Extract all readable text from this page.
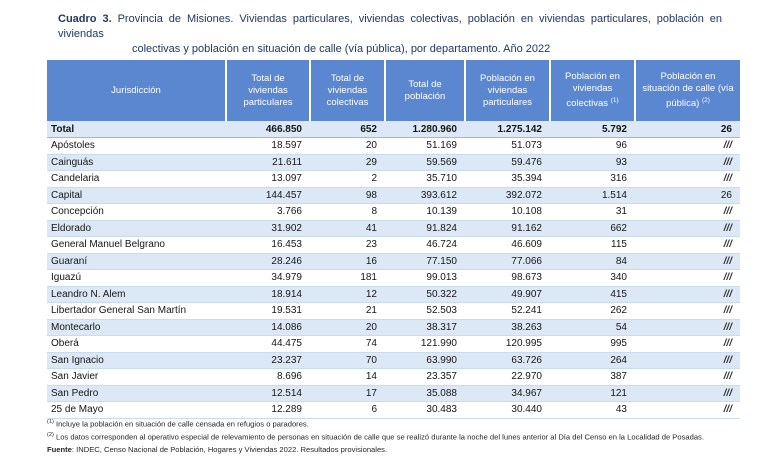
Cuadro 3. Provincia de Misiones. Viviendas particulares, viviendas colectivas, población en viviendas particulares, población en viviendas
colectivas y población en situación de calle (vía pública), por departamento. Año 2022
Jurisdicción	Total de viviendas particulares	Total de viviendas colectivas	Total de población	Población en viviendas particulares	Población en viviendas colectivas $^{(1)}$	Población en situación de calle (vía pública) $^{(2)}$
Total	466.850	652	1.280.960	1.275.142	5.792	26
Apóstoles	18.597	20	51.169	51.073	96	///
Cainguás	21.611	29	59.569	59.476	93	///
Candelaria	13.097	2	35.710	35.394	316	///
Capital	144.457	98	393.612	392.072	1.514	26
Concepción	3.766	8	10.139	10.108	31	///
Eldorado	31.902	41	91.824	91.162	662	///
General Manuel Belgrano	16.453	23	46.724	46.609	115	///
Guaraní	28.246	16	77.150	77.066	84	///
Iguazú	34.979	181	99.013	98.673	340	///
Leandro N. Alem	18.914	12	50.322	49.907	415	///
Libertador General San Martín	19.531	21	52.503	52.241	262	///
Montecarlo	14.086	20	38.317	38.263	54	///
Oberá	44.475	74	121.990	120.995	995	///
San Ignacio	23.237	70	63.990	63.726	264	///
San Javier	8.696	14	23.357	22.970	387	///
San Pedro	12.514	17	35.088	34.967	121	///
25 de Mayo	12.289	6	30.483	30.440	43	///
$^{(1)}$ Incluye la población en situación de calle censada en refugios o paradores.
$^{(2)}$ Los datos corresponden al operativo especial de relevamiento de personas en situación de calle que se realizó durante la noche del lunes anterior al Día del Censo en la Localidad de Posadas.
Fuente: INDEC, Censo Nacional de Población, Hogares y Viviendas 2022. Resultados provisionales.
